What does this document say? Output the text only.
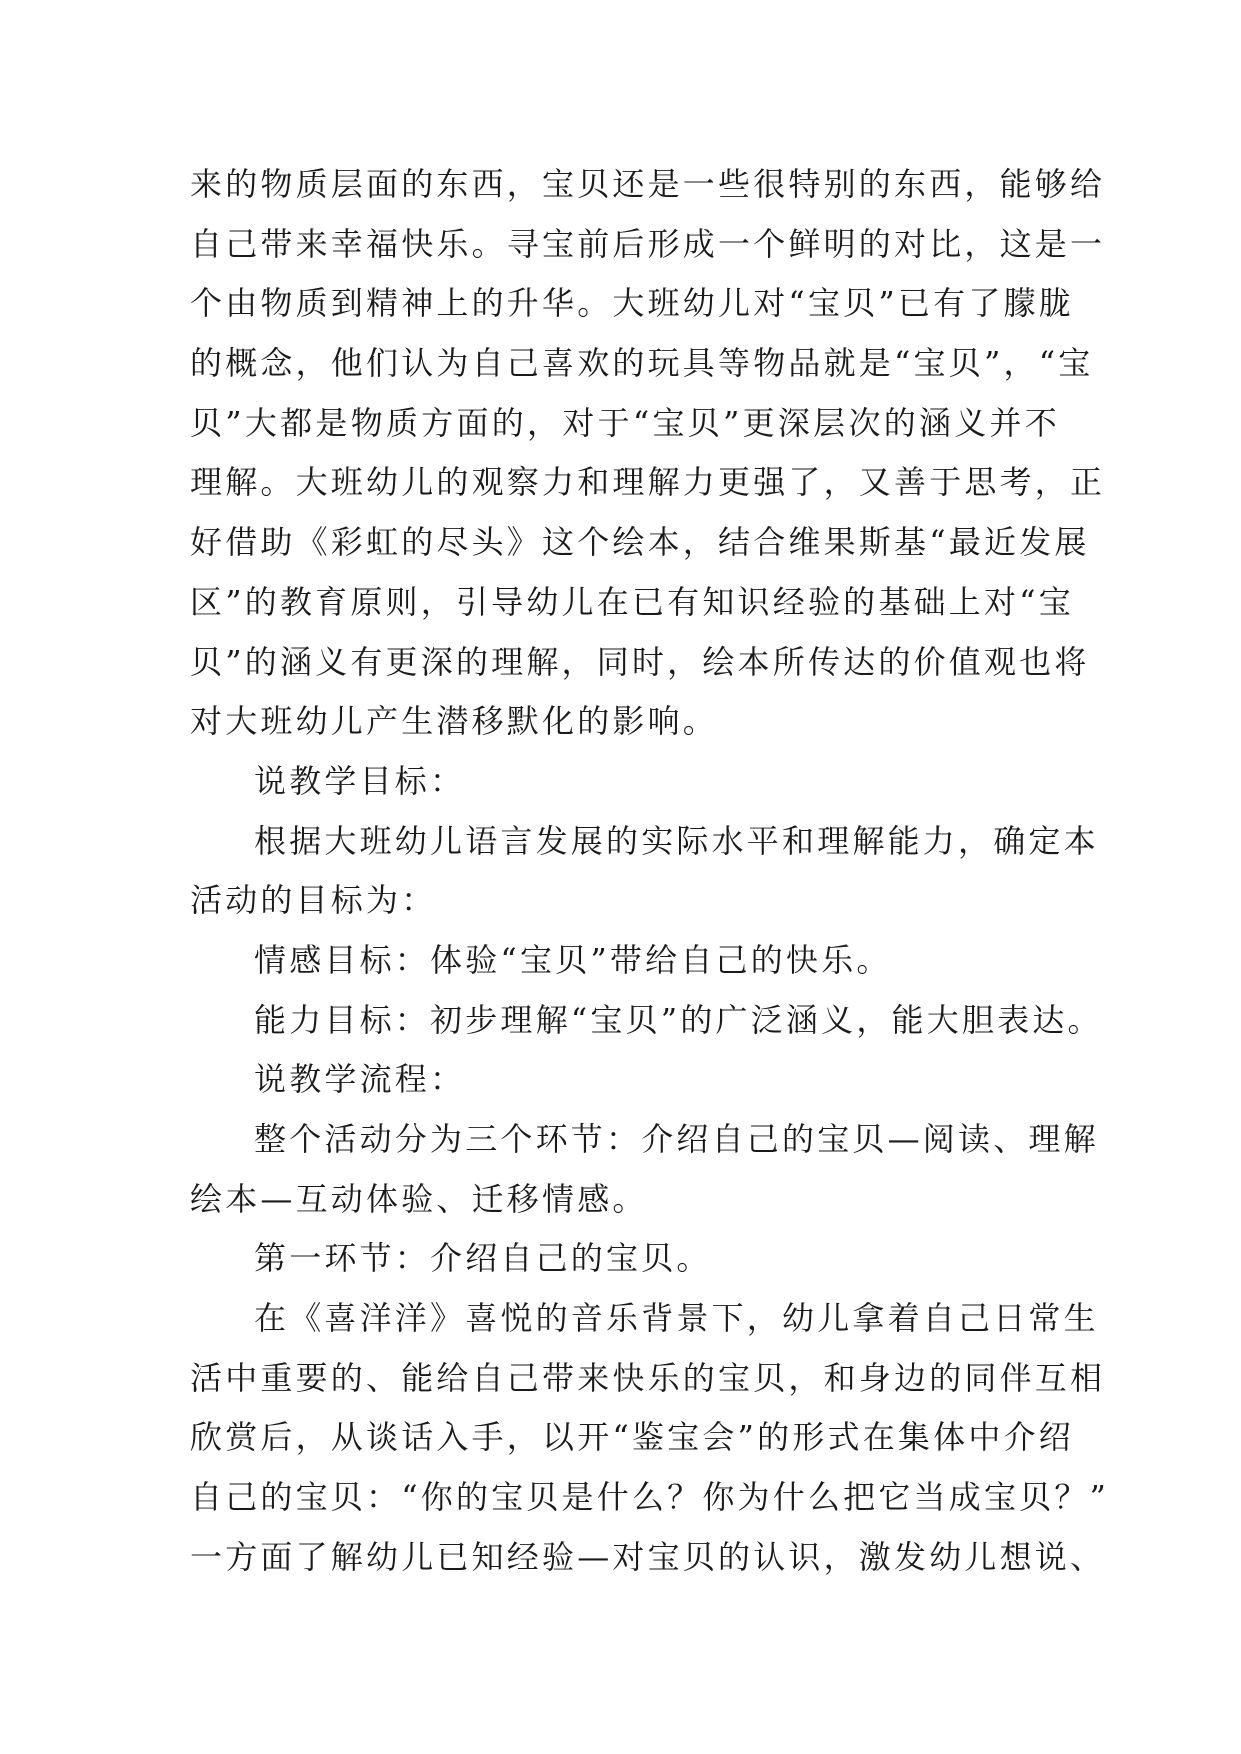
来的物质层面的东西，宝贝还是一些很特别的东西，能够给
自己带来幸福快乐。寻宝前后形成一个鲜明的对比，这是一
个由物质到精神上的升华。大班幼儿对“宝贝”已有了朦胧
的概念，他们认为自己喜欢的玩具等物品就是“宝贝”，“宝
贝”大都是物质方面的，对于“宝贝”更深层次的涵义并不
理解。大班幼儿的观察力和理解力更强了，又善于思考，正
好借助《彩虹的尽头》这个绘本，结合维果斯基“最近发展
区”的教育原则，引导幼儿在已有知识经验的基础上对“宝
贝”的涵义有更深的理解，同时，绘本所传达的价值观也将
对大班幼儿产生潜移默化的影响。
说教学目标：
根据大班幼儿语言发展的实际水平和理解能力，确定本
活动的目标为：
情感目标：体验“宝贝”带给自己的快乐。
能力目标：初步理解“宝贝”的广泛涵义，能大胆表达。
说教学流程：
整个活动分为三个环节：介绍自己的宝贝—阅读、理解
绘本—互动体验、迁移情感。
第一环节：介绍自己的宝贝。
在《喜洋洋》喜悦的音乐背景下，幼儿拿着自己日常生
活中重要的、能给自己带来快乐的宝贝，和身边的同伴互相
欣赏后，从谈话入手，以开“鉴宝会”的形式在集体中介绍
自己的宝贝：“你的宝贝是什么？你为什么把它当成宝贝？”
一方面了解幼儿已知经验—对宝贝的认识，激发幼儿想说、
